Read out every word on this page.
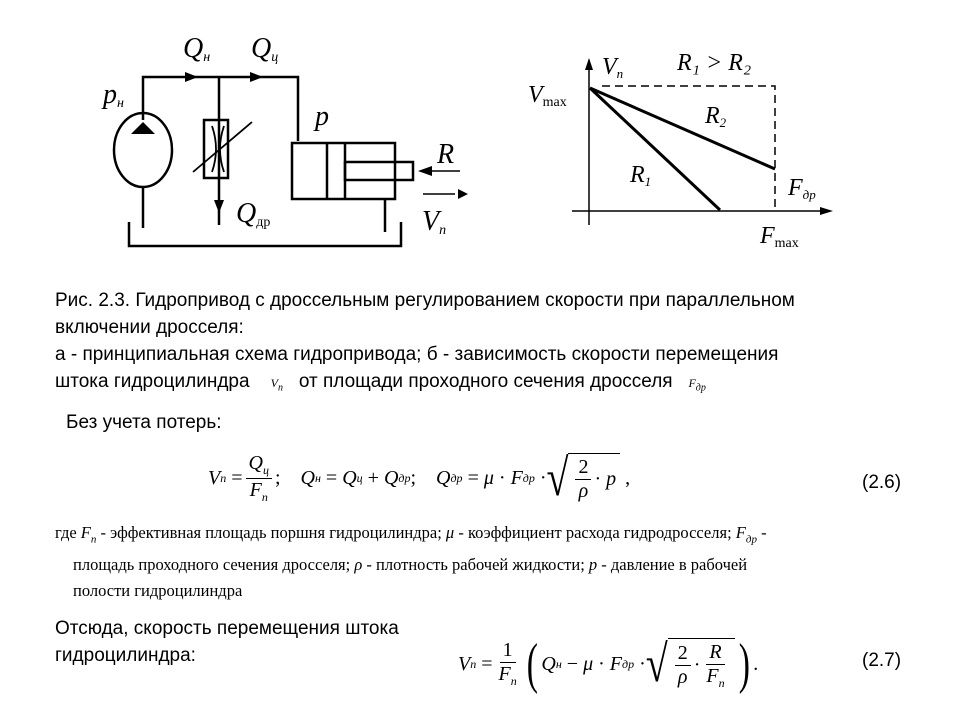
pн
Qн Qц
p
R
Qдр	Vп
Vп
Vmax
R₁ > R₂
R2
R1	Fдр
Fmax
Рис. 2.3. Гидропривод с дроссельным регулированием скорости при параллельном
включении дросселя:
а - принципиальная схема гидропривода; б - зависимость скорости перемещения
штока гидроцилиндра $V_п$ от площади проходного сечения дросселя $F_{др}$
Без учета потерь:
V п
= $\frac{Q_ц}{F_п}$ ;
Q н
=
Q ц
+
Q др ;
Q др
=
μ
·
F др
· √ $\frac{2}{\rho}$ ·
p
,	(2.6)
где $F_п$ - эффективная площадь поршня гидроцилиндра; μ - коэффициент расхода гидродросселя; $F_{др}$ -
площадь проходного сечения дросселя; ρ - плотность рабочей жидкости; p - давление в рабочей
полости гидроцилиндра
Отсюда, скорость перемещения штока
гидроцилиндра:	V п
= $\frac{1}{F_п}$ ( Q н
−
μ
·
F др
· √ $\frac{2}{\rho} \cdot \frac{R}{F_п}$ ) .	(2.7)
